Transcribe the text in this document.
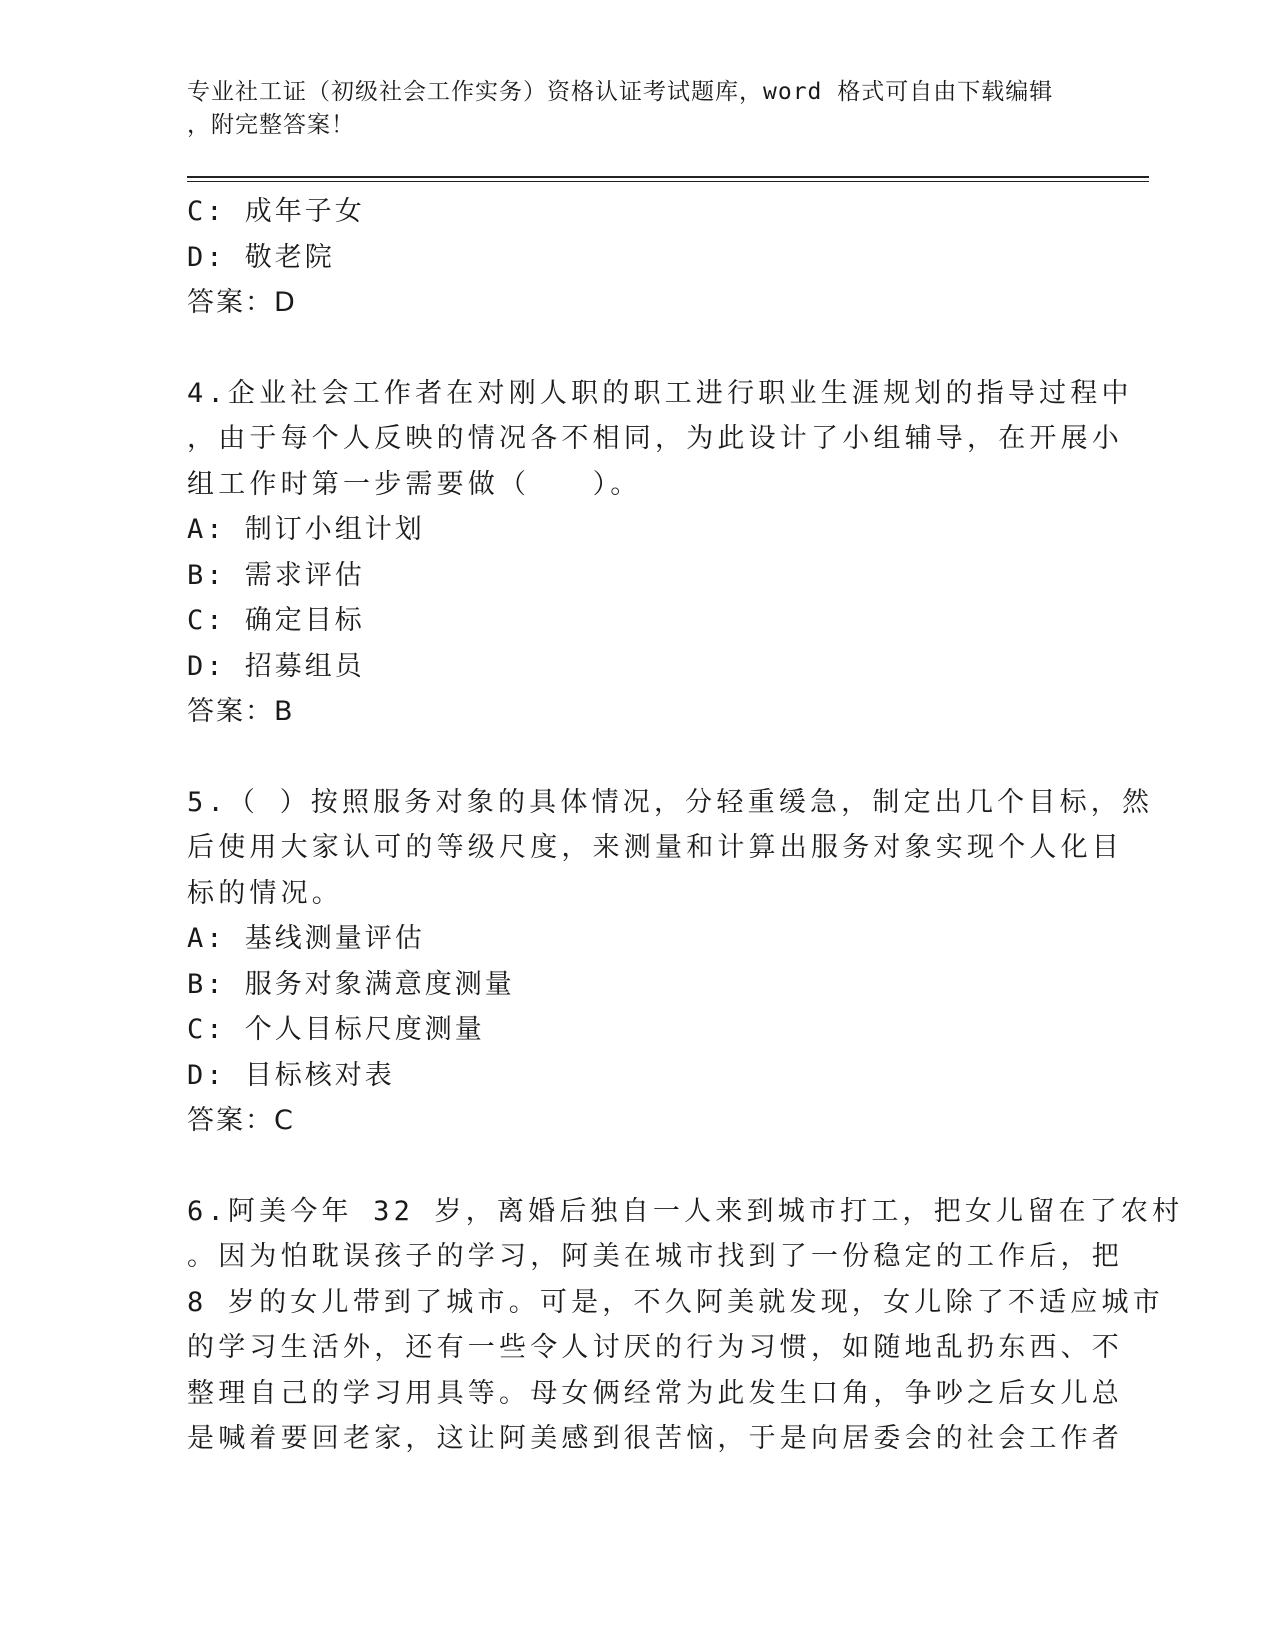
专业社工证（初级社会工作实务）资格认证考试题库，word 格式可自由下载编辑
，附完整答案！
C: 成年子女
D: 敬老院
答案：D
4.企业社会工作者在对刚人职的职工进行职业生涯规划的指导过程中
，由于每个人反映的情况各不相同，为此设计了小组辅导，在开展小
组工作时第一步需要做（　　）。
A: 制订小组计划
B: 需求评估
C: 确定目标
D: 招募组员
答案：B
5.（ ）按照服务对象的具体情况，分轻重缓急，制定出几个目标，然
后使用大家认可的等级尺度，来测量和计算出服务对象实现个人化目
标的情况。
A: 基线测量评估
B: 服务对象满意度测量
C: 个人目标尺度测量
D: 目标核对表
答案：C
6.阿美今年 32 岁，离婚后独自一人来到城市打工，把女儿留在了农村
。因为怕耽误孩子的学习，阿美在城市找到了一份稳定的工作后，把
8 岁的女儿带到了城市。可是，不久阿美就发现，女儿除了不适应城市
的学习生活外，还有一些令人讨厌的行为习惯，如随地乱扔东西、不
整理自己的学习用具等。母女俩经常为此发生口角，争吵之后女儿总
是喊着要回老家，这让阿美感到很苦恼，于是向居委会的社会工作者
